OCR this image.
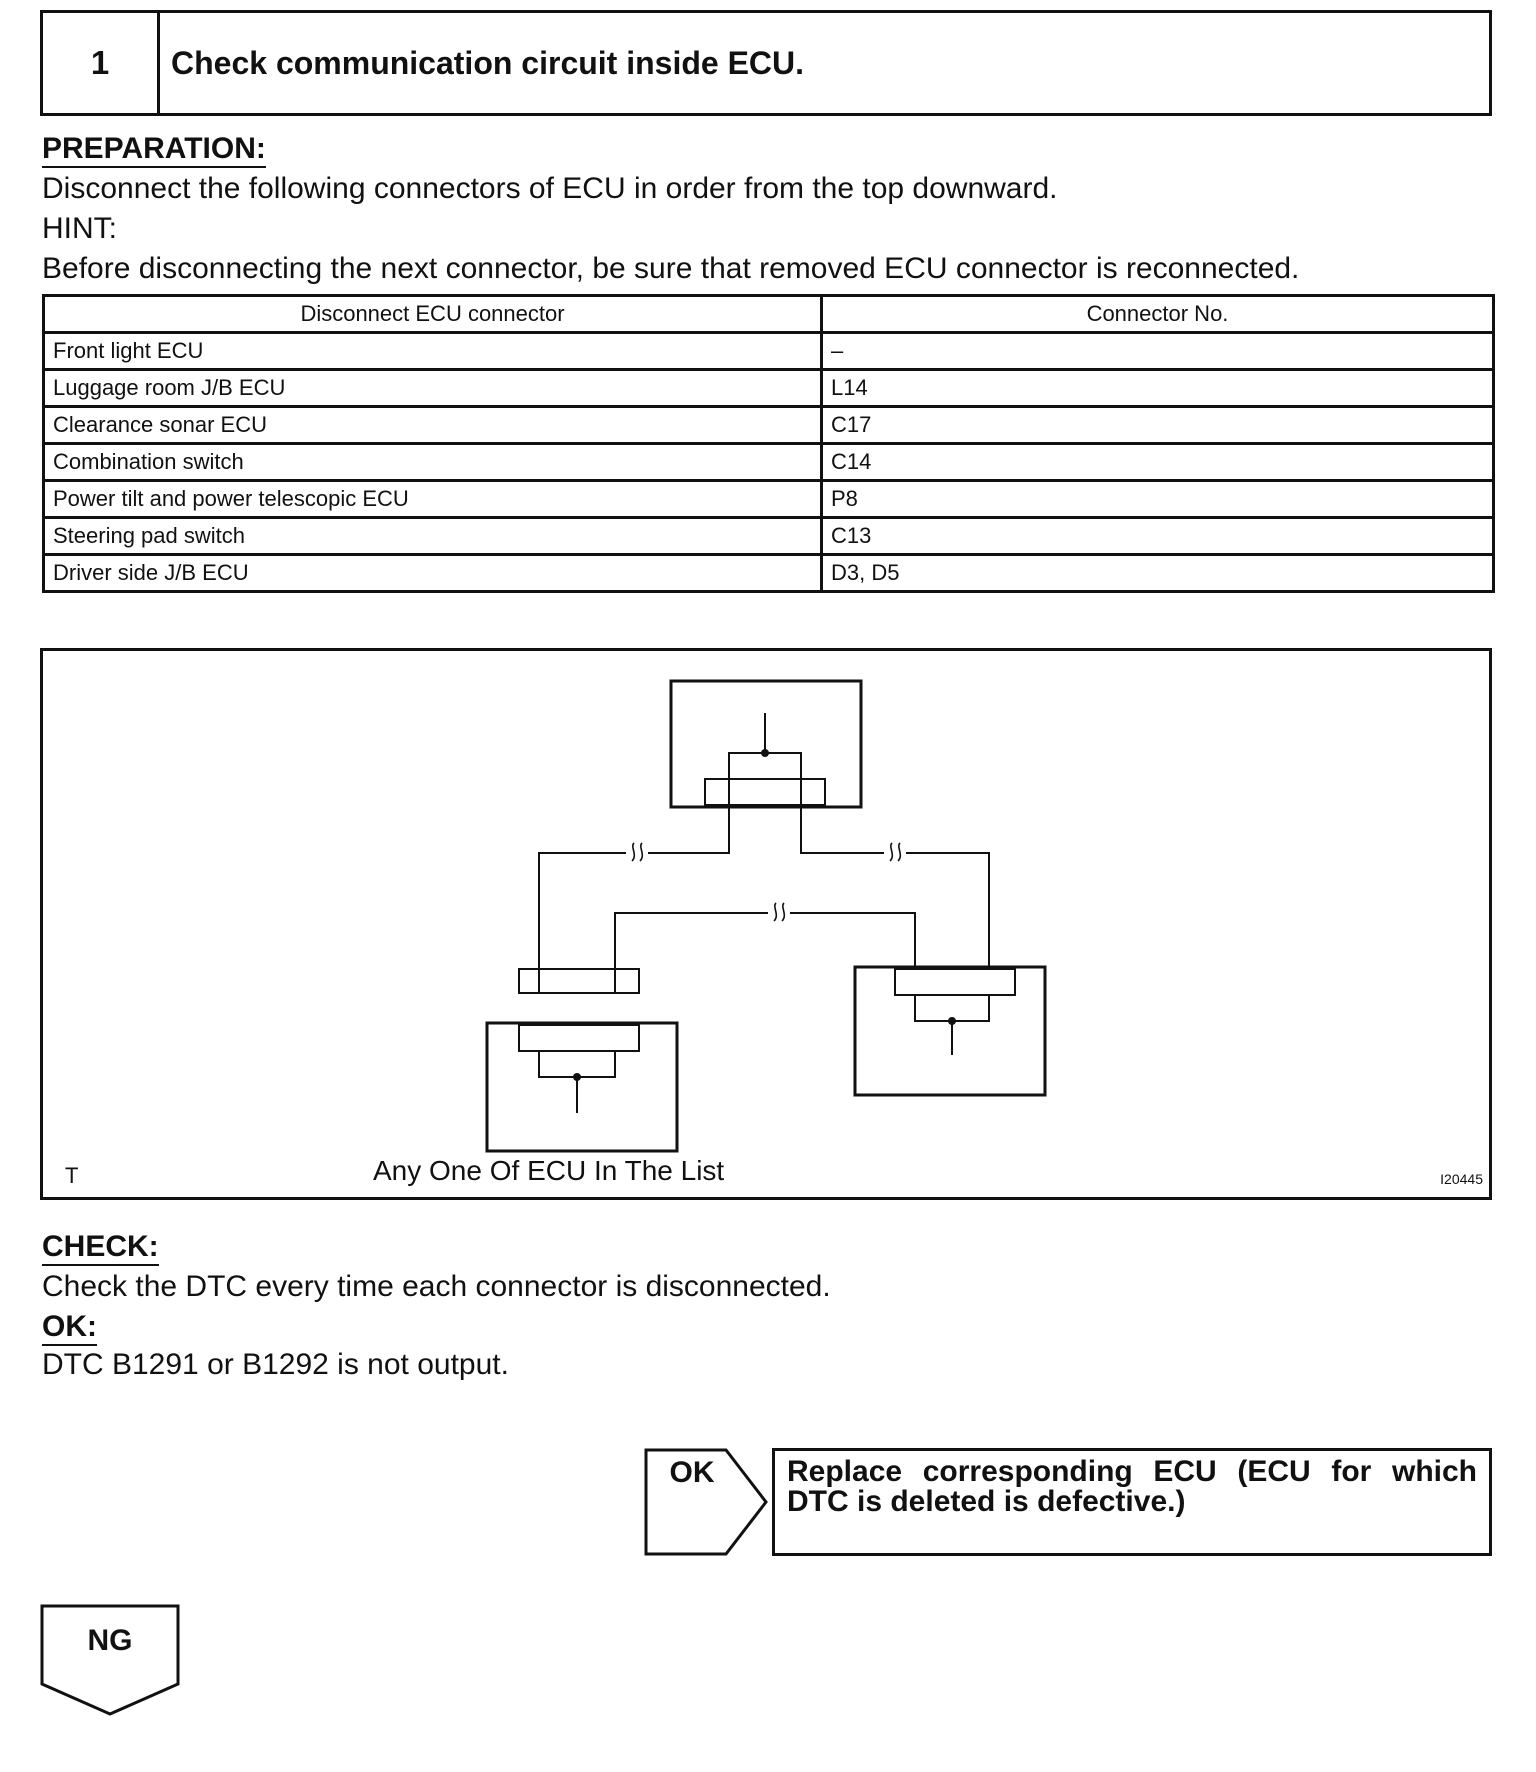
1	Check communication circuit inside ECU.
PREPARATION:
Disconnect the following connectors of ECU in order from the top downward.
HINT:
Before disconnecting the next connector, be sure that removed ECU connector is reconnected.
Disconnect ECU connector	Connector No.
Front light ECU	–
Luggage room J/B ECU	L14
Clearance sonar ECU	C17
Combination switch	C14
Power tilt and power telescopic ECU	P8
Steering pad switch	C13
Driver side J/B ECU	D3, D5
T	Any One Of ECU In The List	I20445
CHECK:
Check the DTC every time each connector is disconnected.
OK:
DTC B1291 or B1292 is not output.
OK	Replace corresponding ECU (ECU for which DTC is deleted is defective.)
NG
